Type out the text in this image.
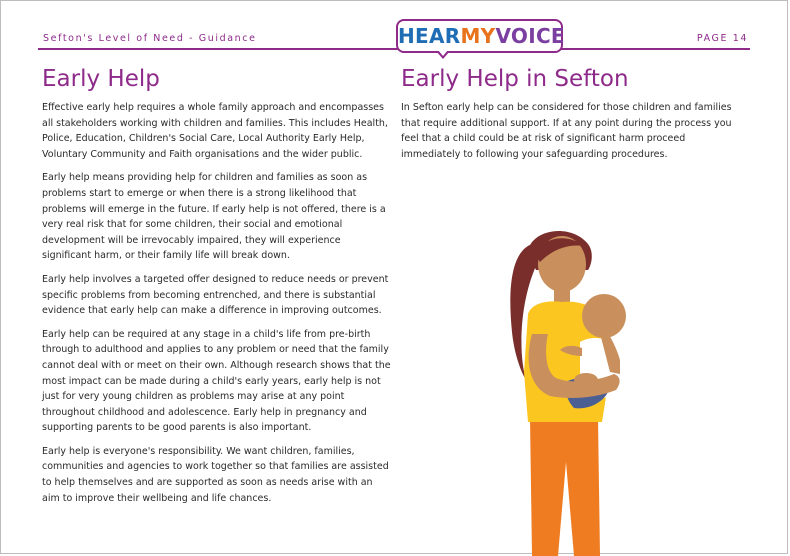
Sefton's Level of Need - Guidance	PAGE 14
HEARMYVOICE
Early Help	Early Help in Sefton

Effective early help requires a whole family approach and encompasses all stakeholders working with children and families. This includes Health, Police, Education, Children's Social Care, Local Authority Early Help, Voluntary Community and Faith organisations and the wider public.

Early help means providing help for children and families as soon as problems start to emerge or when there is a strong likelihood that problems will emerge in the future. If early help is not offered, there is a very real risk that for some children, their social and emotional development will be irrevocably impaired, they will experience significant harm, or their family life will break down.

Early help involves a targeted offer designed to reduce needs or prevent specific problems from becoming entrenched, and there is substantial evidence that early help can make a difference in improving outcomes.

Early help can be required at any stage in a child's life from pre-birth through to adulthood and applies to any problem or need that the family cannot deal with or meet on their own. Although research shows that the most impact can be made during a child's early years, early help is not just for very young children as problems may arise at any point throughout childhood and adolescence. Early help in pregnancy and supporting parents to be good parents is also important.

Early help is everyone's responsibility. We want children, families, communities and agencies to work together so that families are assisted to help themselves and are supported as soon as needs arise with an aim to improve their wellbeing and life chances.

In Sefton early help can be considered for those children and families that require additional support. If at any point during the process you feel that a child could be at risk of significant harm proceed immediately to following your safeguarding procedures.
